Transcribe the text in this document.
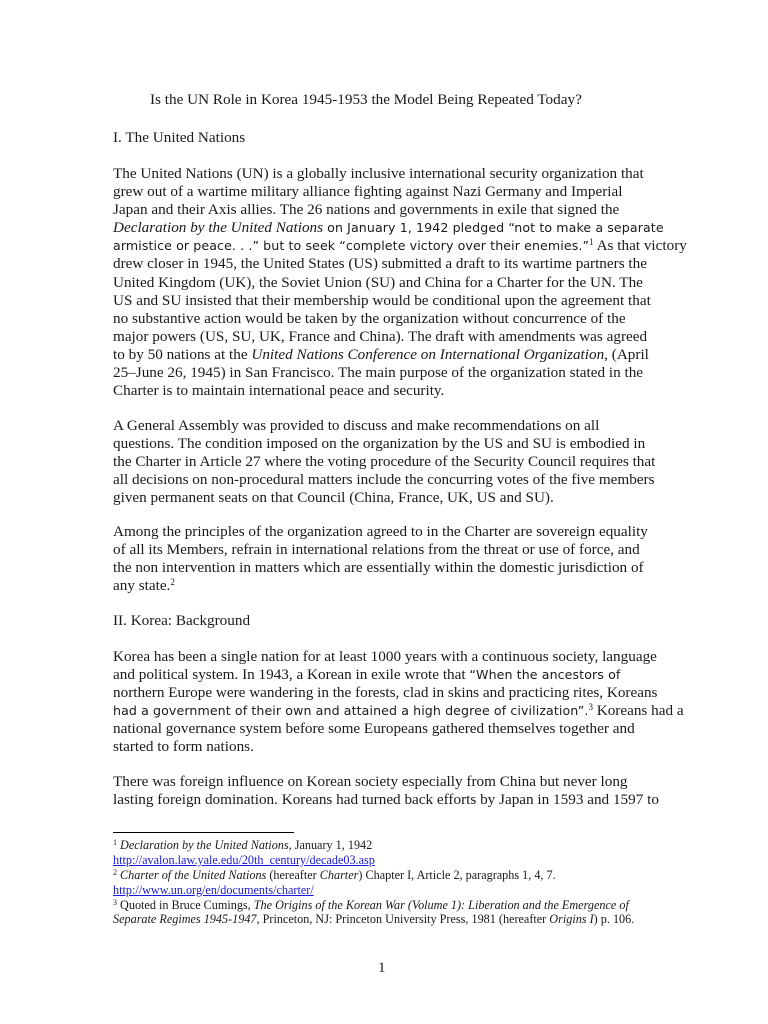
Is the UN Role in Korea 1945-1953 the Model Being Repeated Today?
I. The United Nations
The United Nations (UN) is a globally inclusive international security organization that
grew out of a wartime military alliance fighting against Nazi Germany and Imperial
Japan and their Axis allies. The 26 nations and governments in exile that signed the
Declaration by the United Nations on January 1, 1942 pledged “not to make a separate
armistice or peace. . .” but to seek “complete victory over their enemies.”$^1$ As that victory
drew closer in 1945, the United States (US) submitted a draft to its wartime partners the
United Kingdom (UK), the Soviet Union (SU) and China for a Charter for the UN. The
US and SU insisted that their membership would be conditional upon the agreement that
no substantive action would be taken by the organization without concurrence of the
major powers (US, SU, UK, France and China). The draft with amendments was agreed
to by 50 nations at the United Nations Conference on International Organization, (April
25–June 26, 1945) in San Francisco. The main purpose of the organization stated in the
Charter is to maintain international peace and security.
A General Assembly was provided to discuss and make recommendations on all
questions. The condition imposed on the organization by the US and SU is embodied in
the Charter in Article 27 where the voting procedure of the Security Council requires that
all decisions on non-procedural matters include the concurring votes of the five members
given permanent seats on that Council (China, France, UK, US and SU).
Among the principles of the organization agreed to in the Charter are sovereign equality
of all its Members, refrain in international relations from the threat or use of force, and
the non intervention in matters which are essentially within the domestic jurisdiction of
any state.$^2$
II. Korea: Background
Korea has been a single nation for at least 1000 years with a continuous society, language
and political system. In 1943, a Korean in exile wrote that “When the ancestors of
northern Europe were wandering in the forests, clad in skins and practicing rites, Koreans
had a government of their own and attained a high degree of civilization”.$^3$ Koreans had a
national governance system before some Europeans gathered themselves together and
started to form nations.
There was foreign influence on Korean society especially from China but never long
lasting foreign domination. Koreans had turned back efforts by Japan in 1593 and 1597 to
$^1$ Declaration by the United Nations, January 1, 1942
http://avalon.law.yale.edu/20th_century/decade03.asp
$^2$ Charter of the United Nations (hereafter Charter) Chapter I, Article 2, paragraphs 1, 4, 7.
http://www.un.org/en/documents/charter/
$^3$ Quoted in Bruce Cumings, The Origins of the Korean War (Volume 1): Liberation and the Emergence of
Separate Regimes 1945-1947, Princeton, NJ: Princeton University Press, 1981 (hereafter Origins I) p. 106.
1
